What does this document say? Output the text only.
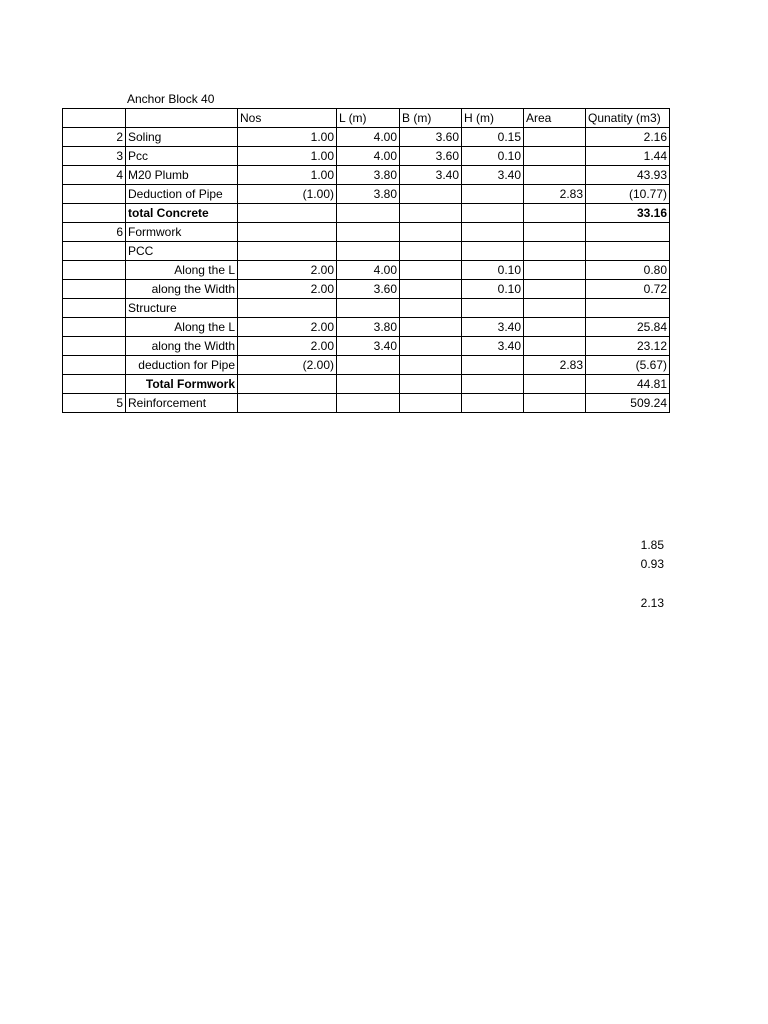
Anchor Block 40
		Nos	L (m)	B (m)	H (m)	Area	Qunatity (m3)
2	Soling	1.00	4.00	3.60	0.15		2.16
3	Pcc	1.00	4.00	3.60	0.10		1.44
4	M20 Plumb	1.00	3.80	3.40	3.40		43.93
	Deduction of Pipe	(1.00)	3.80			2.83	(10.77)
	total Concrete						33.16
6	Formwork						
	PCC						
	Along the L	2.00	4.00		0.10		0.80
	along the Width	2.00	3.60		0.10		0.72
	Structure						
	Along the L	2.00	3.80		3.40		25.84
	along the Width	2.00	3.40		3.40		23.12
	deduction for Pipe	(2.00)				2.83	(5.67)
	Total Formwork						44.81
5	Reinforcement						509.24
1.85
0.93
2.13
